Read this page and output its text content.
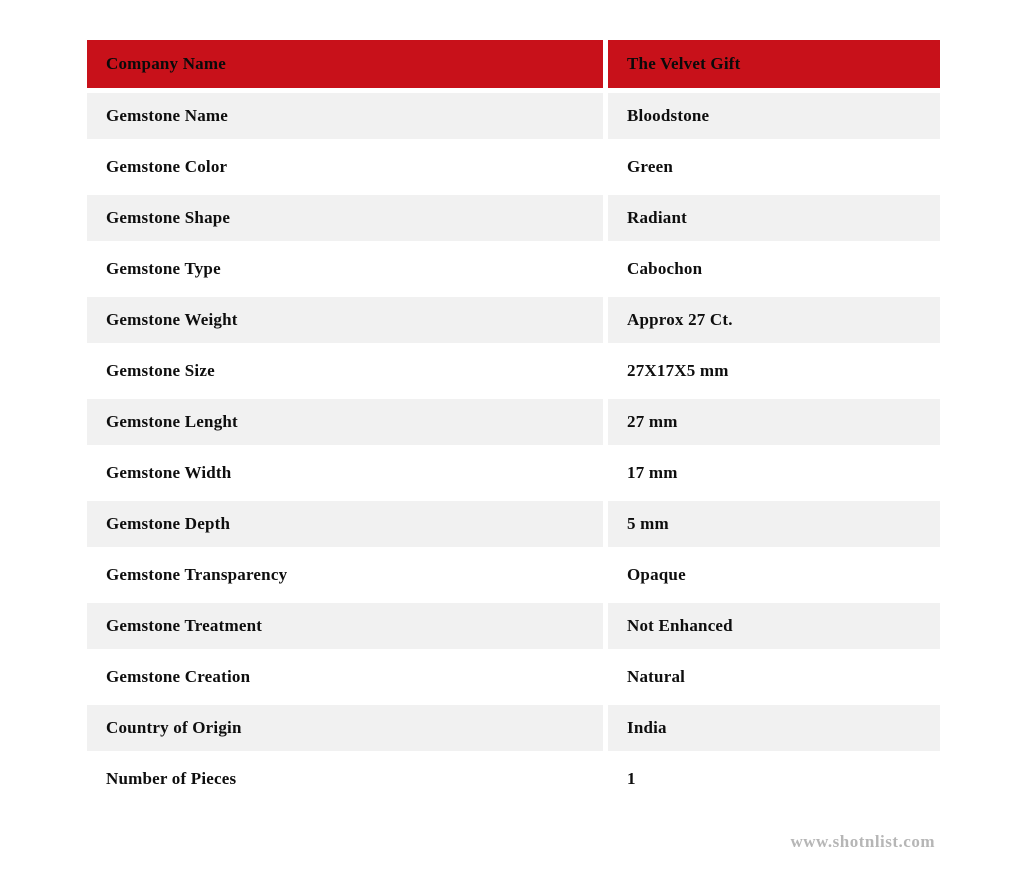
Company Name	The Velvet Gift
Gemstone Name	Bloodstone
Gemstone Color	Green
Gemstone Shape	Radiant
Gemstone Type	Cabochon
Gemstone Weight	Approx 27 Ct.
Gemstone Size	27X17X5 mm
Gemstone Lenght	27 mm
Gemstone Width	17 mm
Gemstone Depth	5 mm
Gemstone Transparency	Opaque
Gemstone Treatment	Not Enhanced
Gemstone Creation	Natural
Country of Origin	India
Number of Pieces	1
www.shotnlist.com
